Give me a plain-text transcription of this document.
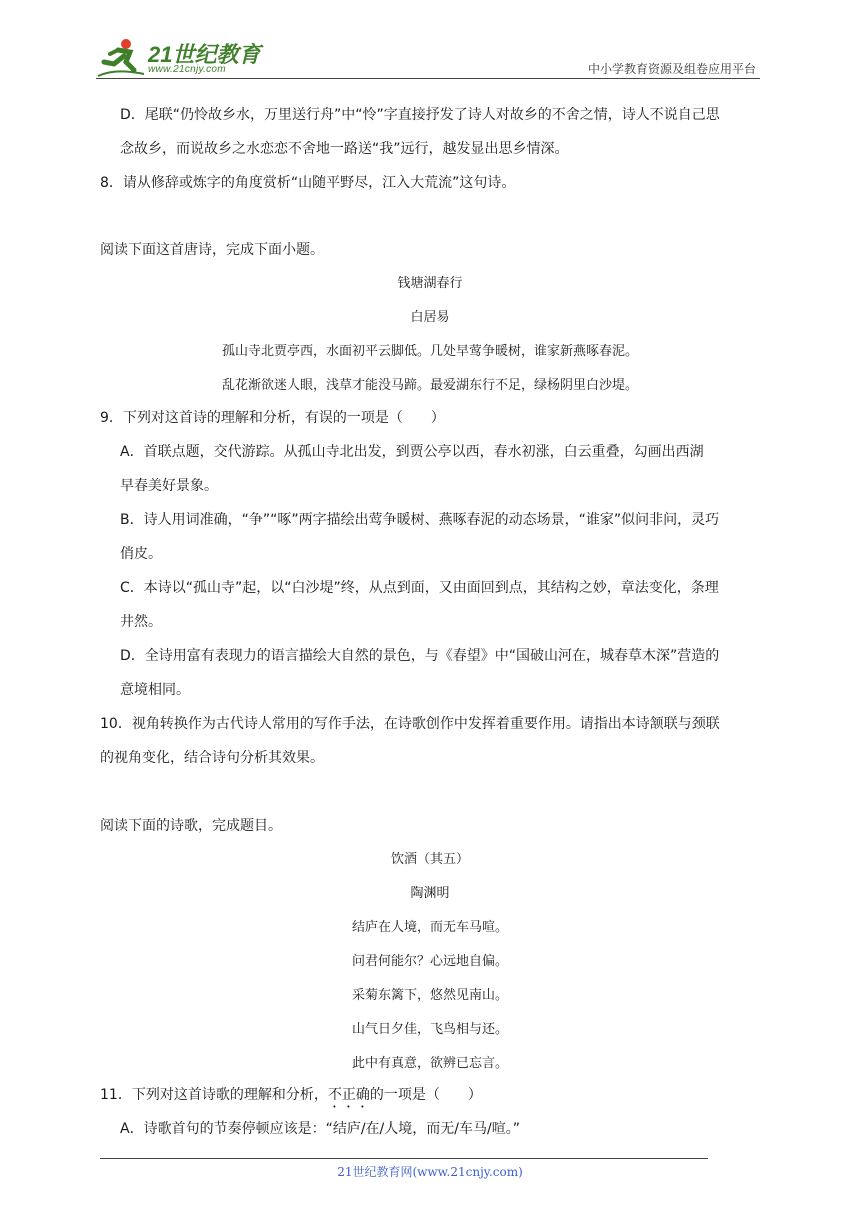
21世纪教育
www.21cnjy.com	中小学教育资源及组卷应用平台
D．尾联“仍怜故乡水，万里送行舟”中“怜”字直接抒发了诗人对故乡的不舍之情，诗人不说自己思
念故乡，而说故乡之水恋恋不舍地一路送“我”远行，越发显出思乡情深。
8．请从修辞或炼字的角度赏析“山随平野尽，江入大荒流”这句诗。
阅读下面这首唐诗，完成下面小题。
钱塘湖春行
白居易
孤山寺北贾亭西，水面初平云脚低。几处早莺争暖树，谁家新燕啄春泥。
乱花渐欲迷人眼，浅草才能没马蹄。最爱湖东行不足，绿杨阴里白沙堤。
9．下列对这首诗的理解和分析，有误的一项是（　　）
A．首联点题，交代游踪。从孤山寺北出发，到贾公亭以西，春水初涨，白云重叠，勾画出西湖
早春美好景象。
B．诗人用词准确，“争”“啄”两字描绘出莺争暖树、燕啄春泥的动态场景，“谁家”似问非问，灵巧
俏皮。
C．本诗以“孤山寺”起，以“白沙堤”终，从点到面，又由面回到点，其结构之妙，章法变化，条理
井然。
D．全诗用富有表现力的语言描绘大自然的景色，与《春望》中“国破山河在，城春草木深”营造的
意境相同。
10．视角转换作为古代诗人常用的写作手法，在诗歌创作中发挥着重要作用。请指出本诗颔联与颈联
的视角变化，结合诗句分析其效果。
阅读下面的诗歌，完成题目。
饮酒（其五）
陶渊明
结庐在人境，而无车马喧。
问君何能尔？心远地自偏。
采菊东篱下，悠然见南山。
山气日夕佳，飞鸟相与还。
此中有真意，欲辨已忘言。
11．下列对这首诗歌的理解和分析，不正确的一项是（　　）
A．诗歌首句的节奏停顿应该是：“结庐/在/人境，而无/车马/喧。”
21世纪教育网(www.21cnjy.com)
